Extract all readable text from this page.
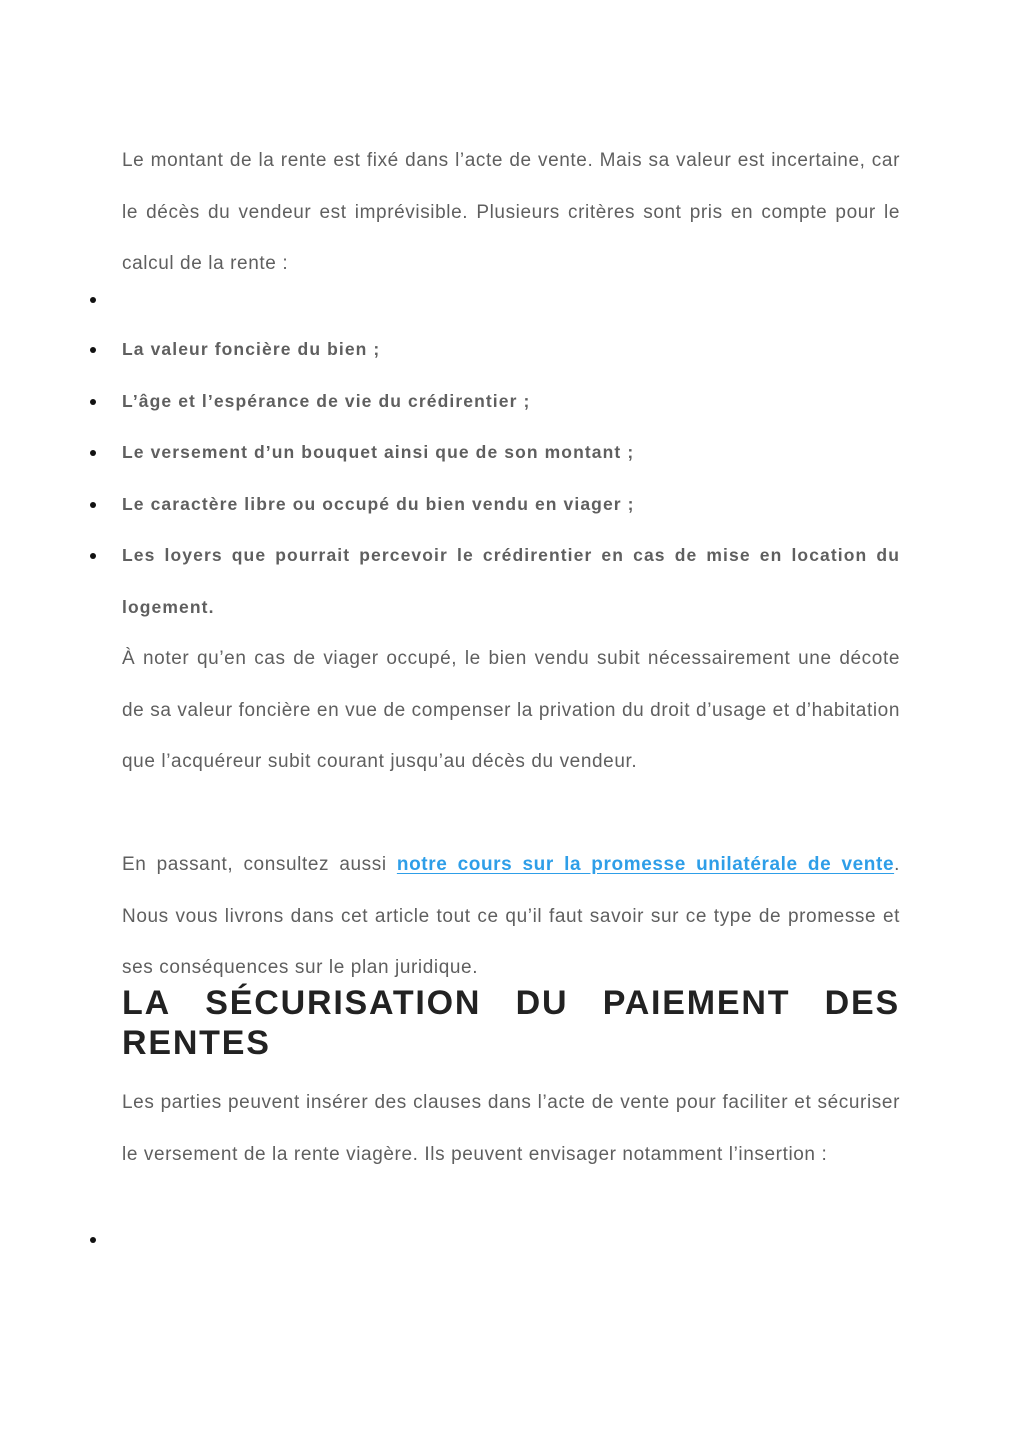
Le montant de la rente est fixé dans l’acte de vente. Mais sa valeur est incertaine, car le décès du vendeur est imprévisible. Plusieurs critères sont pris en compte pour le calcul de la rente :

La valeur foncière du bien ;
L’âge et l’espérance de vie du crédirentier ;
Le versement d’un bouquet ainsi que de son montant ;
Le caractère libre ou occupé du bien vendu en viager ;
Les loyers que pourrait percevoir le crédirentier en cas de mise en location du logement.

À noter qu’en cas de viager occupé, le bien vendu subit nécessairement une décote de sa valeur foncière en vue de compenser la privation du droit d’usage et d’habitation que l’acquéreur subit courant jusqu’au décès du vendeur.

En passant, consultez aussi notre cours sur la promesse unilatérale de vente. Nous vous livrons dans cet article tout ce qu’il faut savoir sur ce type de promesse et ses conséquences sur le plan juridique.

LA SÉCURISATION DU PAIEMENT DES
RENTES

Les parties peuvent insérer des clauses dans l’acte de vente pour faciliter et sécuriser le versement de la rente viagère. Ils peuvent envisager notamment l’insertion :
